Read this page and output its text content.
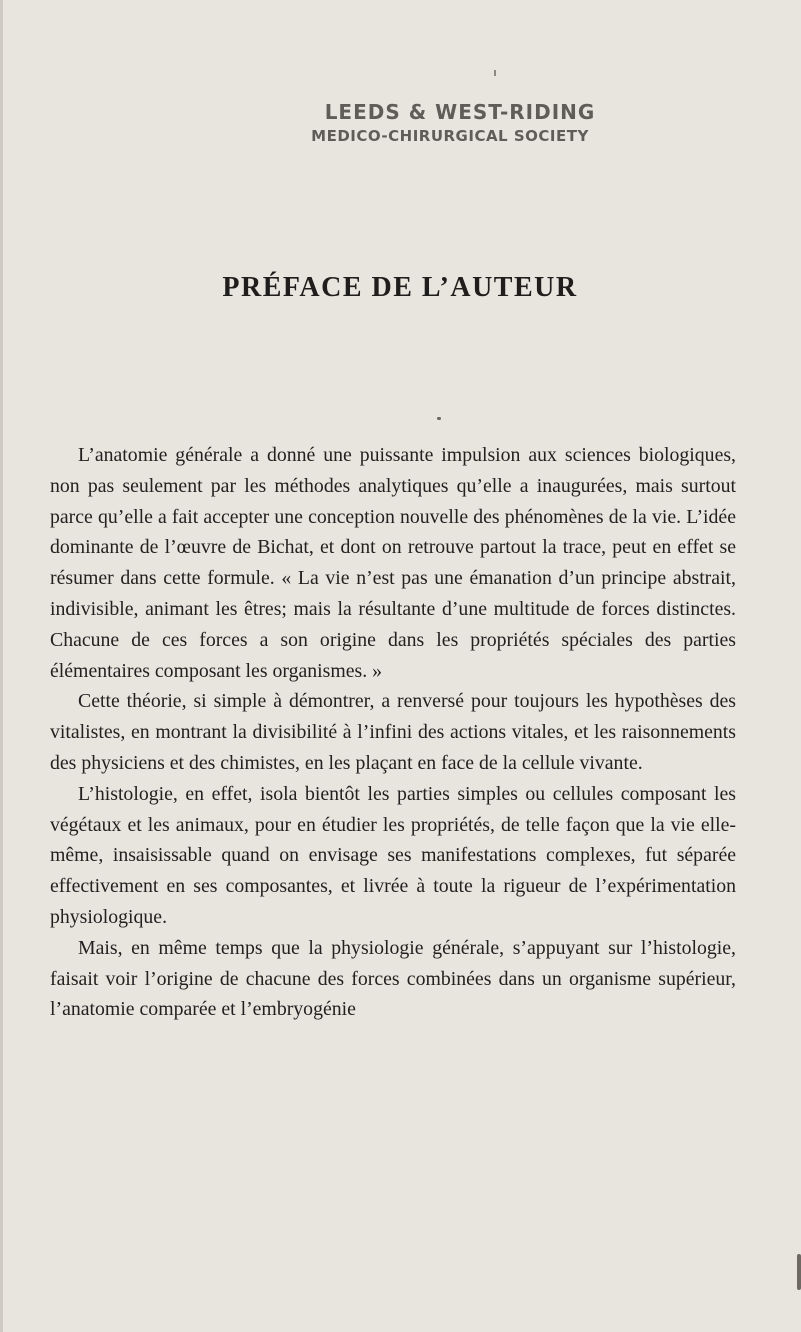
LEEDS & WEST-RIDING
MEDICO-CHIRURGICAL SOCIETY
PRÉFACE DE L’AUTEUR

L’anatomie générale a donné une puissante impulsion aux sciences biologiques, non pas seulement par les méthodes analytiques qu’elle a inaugurées, mais surtout parce qu’elle a fait accepter une conception nouvelle des phénomènes de la vie. L’idée dominante de l’œuvre de Bichat, et dont on retrouve partout la trace, peut en effet se résumer dans cette formule. « La vie n’est pas une émanation d’un principe abstrait, indivisible, animant les êtres; mais la résultante d’une multitude de forces distinctes. Chacune de ces forces a son origine dans les propriétés spéciales des parties élémentaires composant les organismes. »

Cette théorie, si simple à démontrer, a renversé pour toujours les hypothèses des vitalistes, en montrant la divisibilité à l’infini des actions vitales, et les raisonnements des physiciens et des chimistes, en les plaçant en face de la cellule vivante.

L’histologie, en effet, isola bientôt les parties simples ou cellules composant les végétaux et les animaux, pour en étudier les propriétés, de telle façon que la vie elle-même, insaisissable quand on envisage ses manifestations complexes, fut séparée effectivement en ses composantes, et livrée à toute la rigueur de l’expérimentation physiologique.

Mais, en même temps que la physiologie générale, s’appuyant sur l’histologie, faisait voir l’origine de chacune des forces combinées dans un organisme supérieur, l’anatomie comparée et l’embryogénie
